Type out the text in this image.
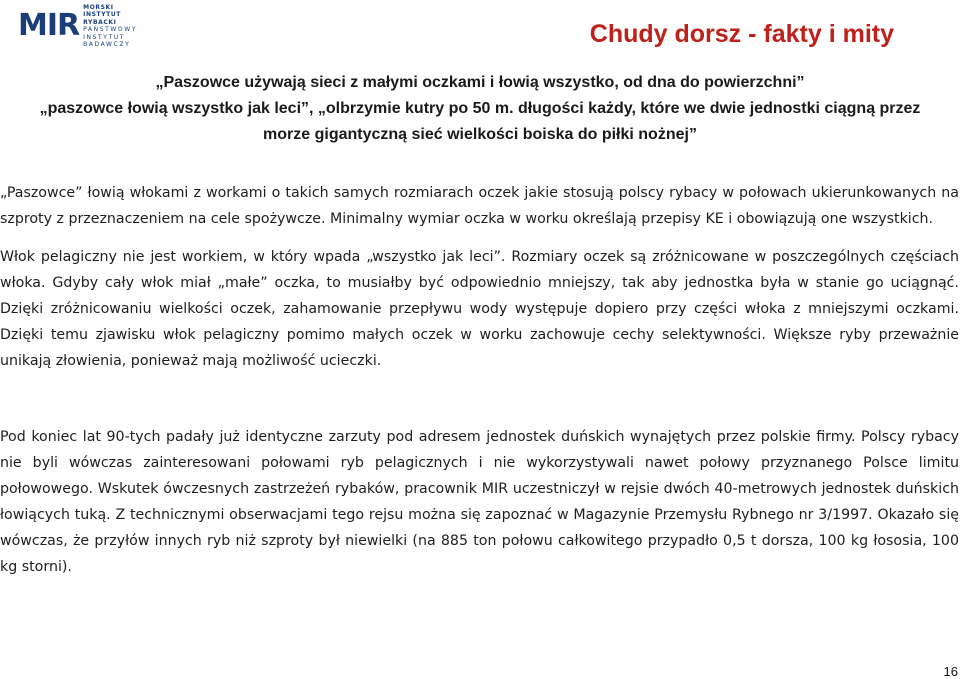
MIR
MORSKI
INSTYTUT
RYBACKI
PAŃSTWOWY
INSTYTUT
BADAWCZY	Chudy dorsz - fakty i mity

„Paszowce używają sieci z małymi oczkami i łowią wszystko, od dna do powierzchni”

„paszowce łowią wszystko jak leci”, „olbrzymie kutry po 50 m. długości każdy, które we dwie jednostki ciągną przez morze gigantyczną sieć wielkości boiska do piłki nożnej”

„Paszowce” łowią włokami z workami o takich samych rozmiarach oczek jakie stosują polscy rybacy w połowach ukierunkowanych na szproty z przeznaczeniem na cele spożywcze. Minimalny wymiar oczka w worku określają przepisy KE i obowiązują one wszystkich.

Włok pelagiczny nie jest workiem, w który wpada „wszystko jak leci”. Rozmiary oczek są zróżnicowane w poszczególnych częściach włoka. Gdyby cały włok miał „małe” oczka, to musiałby być odpowiednio mniejszy, tak aby jednostka była w stanie go uciągnąć. Dzięki zróżnicowaniu wielkości oczek, zahamowanie przepływu wody występuje dopiero przy części włoka z mniejszymi oczkami. Dzięki temu zjawisku włok pelagiczny pomimo małych oczek w worku zachowuje cechy selektywności. Większe ryby przeważnie unikają złowienia, ponieważ mają możliwość ucieczki.

Pod koniec lat 90-tych padały już identyczne zarzuty pod adresem jednostek duńskich wynajętych przez polskie firmy. Polscy rybacy nie byli wówczas zainteresowani połowami ryb pelagicznych i nie wykorzystywali nawet połowy przyznanego Polsce limitu połowowego. Wskutek ówczesnych zastrzeżeń rybaków, pracownik MIR uczestniczył w rejsie dwóch 40-metrowych jednostek duńskich łowiących tuką. Z technicznymi obserwacjami tego rejsu można się zapoznać w Magazynie Przemysłu Rybnego nr 3/1997. Okazało się wówczas, że przyłów innych ryb niż szproty był niewielki (na 885 ton połowu całkowitego przypadło 0,5 t dorsza, 100 kg łososia, 100 kg storni).

16
